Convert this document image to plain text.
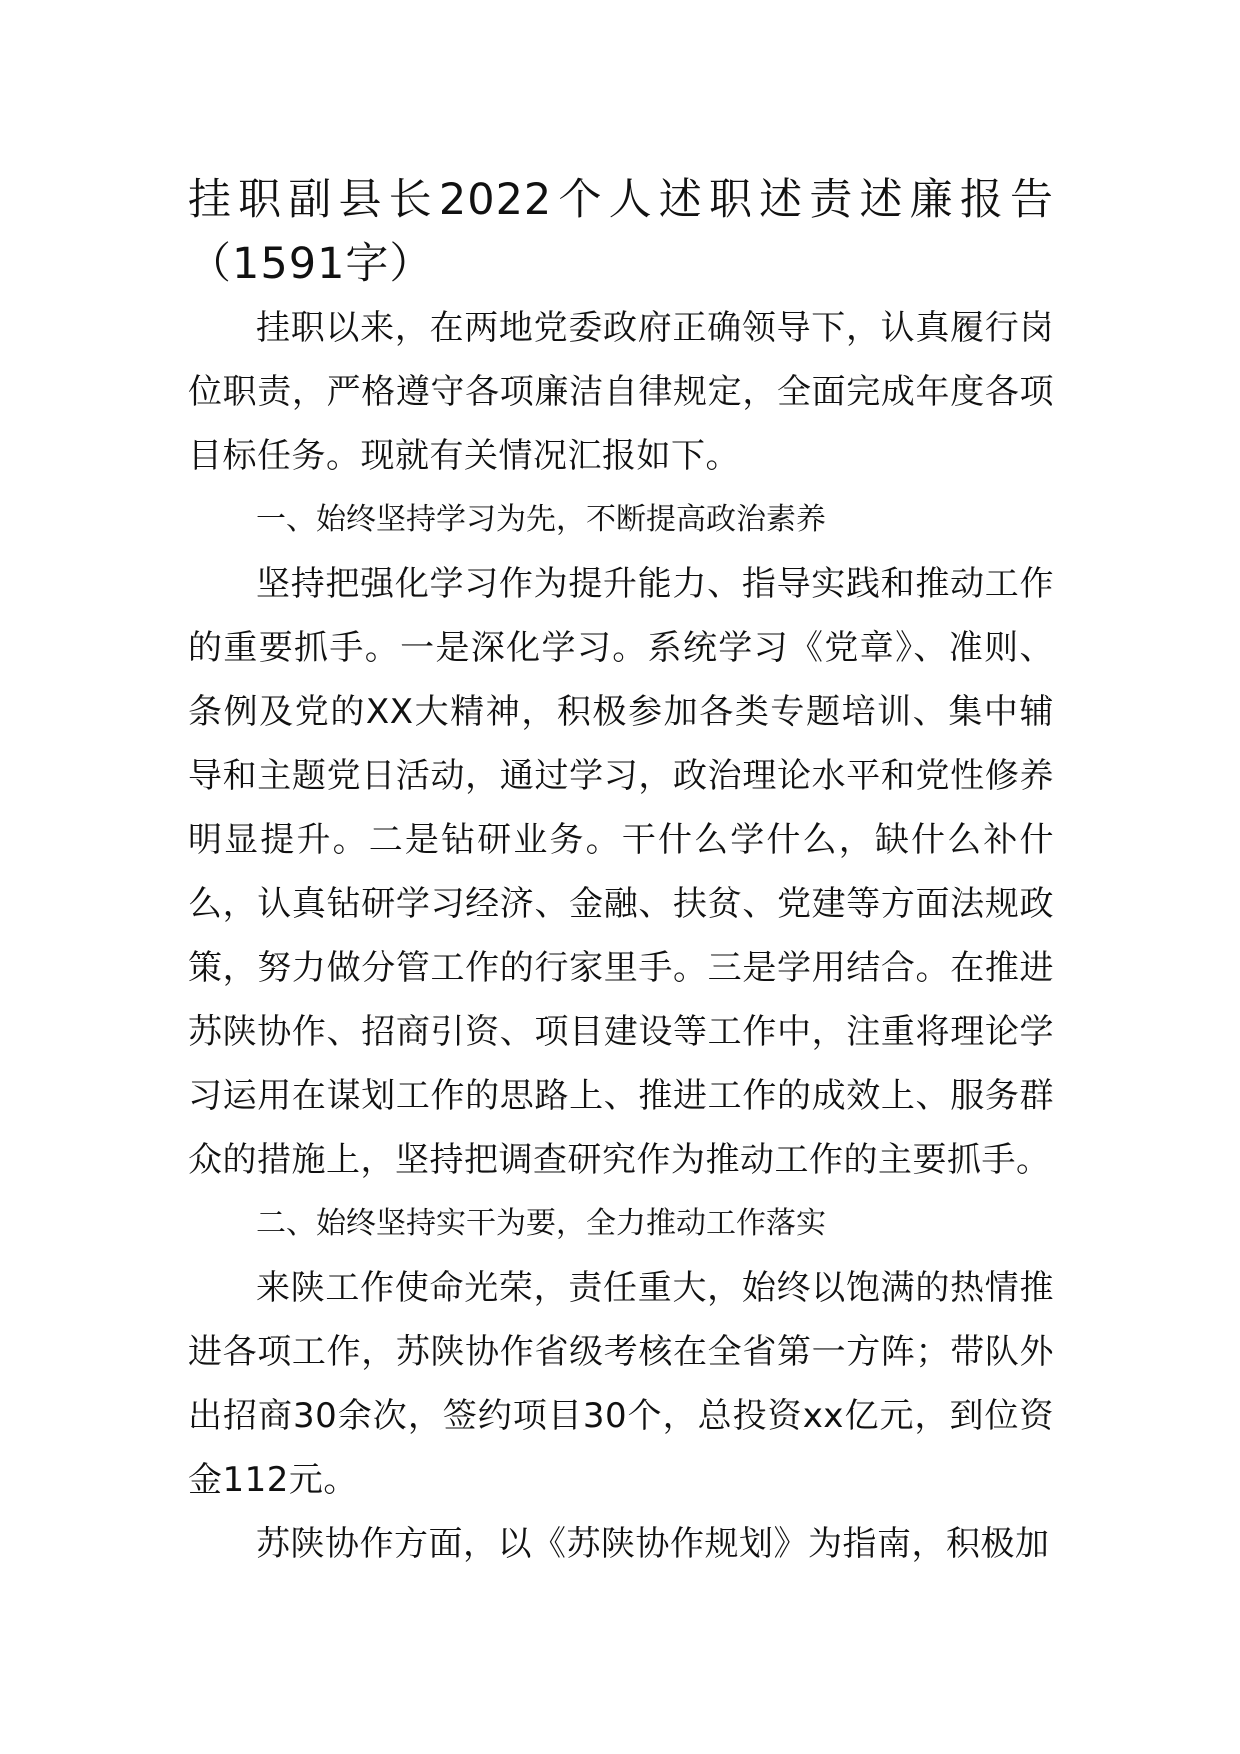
挂职副县长2022个人述职述责述廉报告（1591字）

挂职以来，在两地党委政府正确领导下，认真履行岗位职责，严格遵守各项廉洁自律规定，全面完成年度各项目标任务。现就有关情况汇报如下。

一、始终坚持学习为先，不断提高政治素养

坚持把强化学习作为提升能力、指导实践和推动工作的重要抓手。一是深化学习。系统学习《党章》、准则、条例及党的XX大精神，积极参加各类专题培训、集中辅导和主题党日活动，通过学习，政治理论水平和党性修养明显提升。二是钻研业务。干什么学什么，缺什么补什么，认真钻研学习经济、金融、扶贫、党建等方面法规政策，努力做分管工作的行家里手。三是学用结合。在推进苏陕协作、招商引资、项目建设等工作中，注重将理论学习运用在谋划工作的思路上、推进工作的成效上、服务群众的措施上，坚持把调查研究作为推动工作的主要抓手。

二、始终坚持实干为要，全力推动工作落实

来陕工作使命光荣，责任重大，始终以饱满的热情推进各项工作，苏陕协作省级考核在全省第一方阵；带队外出招商30余次，签约项目30个，总投资xx亿元，到位资金112元。

苏陕协作方面，以《苏陕协作规划》为指南，积极加
